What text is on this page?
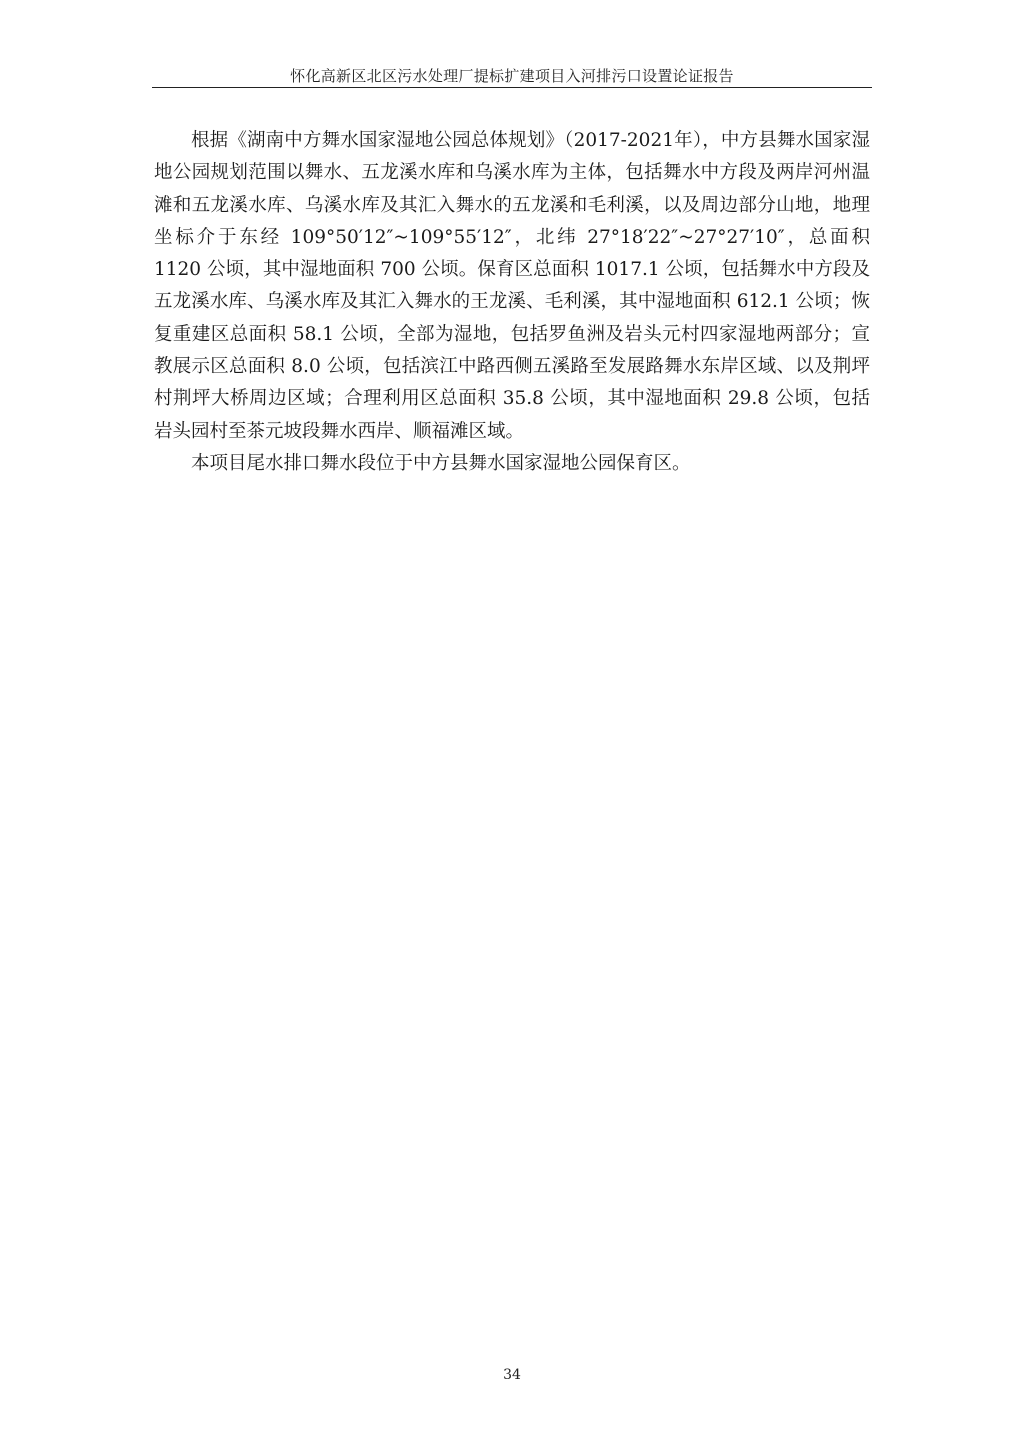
怀化高新区北区污水处理厂提标扩建项目入河排污口设置论证报告

根据《湖南中方舞水国家湿地公园总体规划》（2017-2021年），中方县舞水国家湿地公园规划范围以舞水、五龙溪水库和乌溪水库为主体，包括舞水中方段及两岸河州温滩和五龙溪水库、乌溪水库及其汇入舞水的五龙溪和毛利溪，以及周边部分山地，地理坐标介于东经 109°50′12″~109°55′12″，北纬 27°18′22″~27°27′10″，总面积 1120 公顷，其中湿地面积 700 公顷。保育区总面积 1017.1 公顷，包括舞水中方段及五龙溪水库、乌溪水库及其汇入舞水的王龙溪、毛利溪，其中湿地面积 612.1 公顷；恢复重建区总面积 58.1 公顷，全部为湿地，包括罗鱼洲及岩头元村四家湿地两部分；宣教展示区总面积 8.0 公顷，包括滨江中路西侧五溪路至发展路舞水东岸区域、以及荆坪村荆坪大桥周边区域；合理利用区总面积 35.8 公顷，其中湿地面积 29.8 公顷，包括岩头园村至茶元坡段舞水西岸、顺福滩区域。

本项目尾水排口舞水段位于中方县舞水国家湿地公园保育区。

34
